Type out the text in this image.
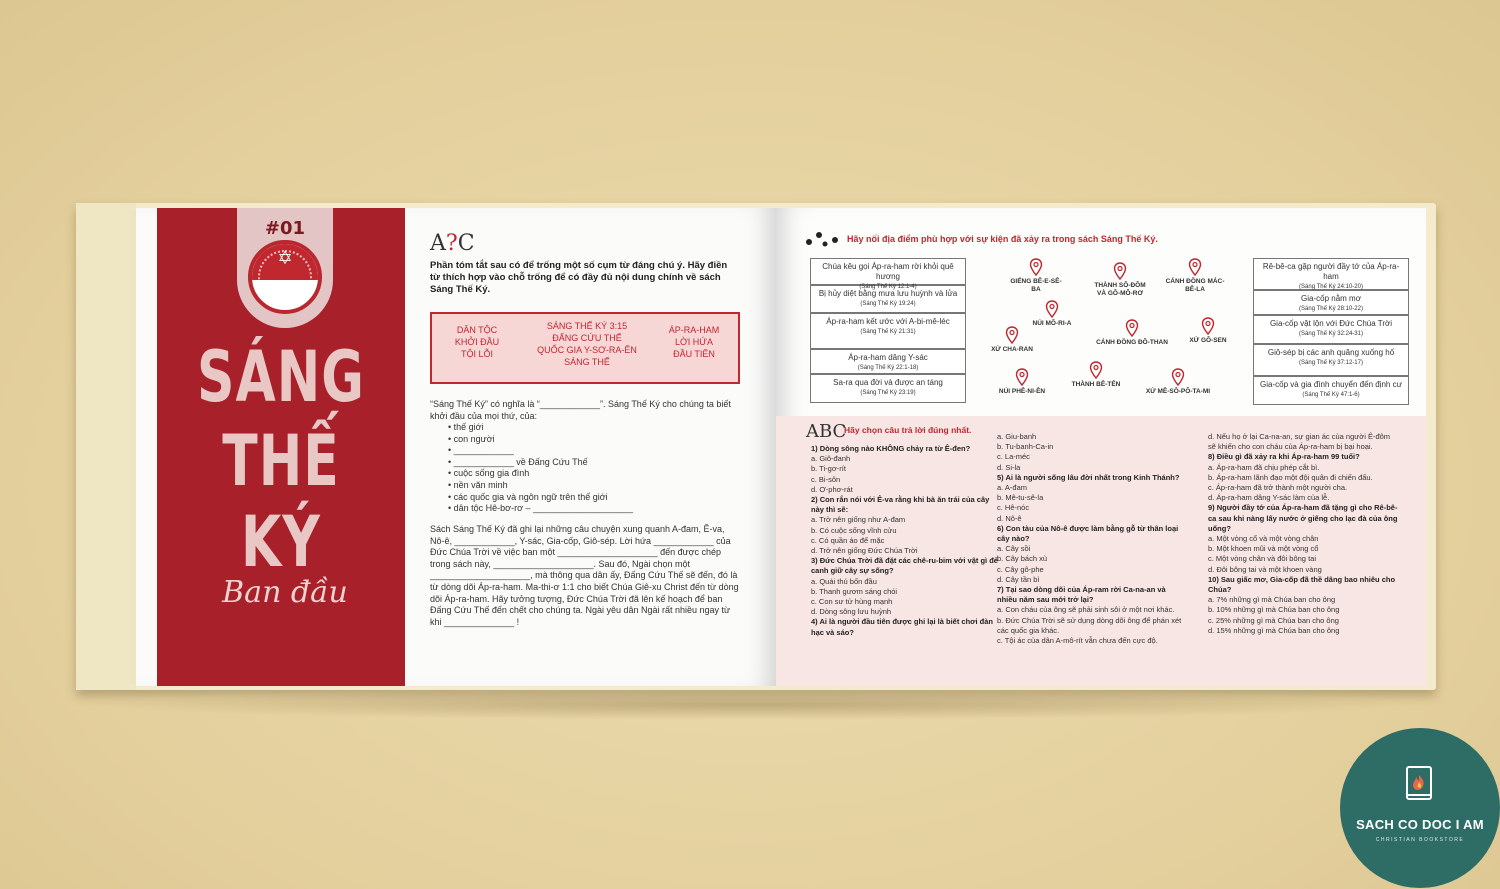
#01
✡
SÁNG
THẾ
KÝ
Ban đầu
A?C
Phần tóm tắt sau có để trống một số cụm từ đáng chú ý. Hãy điền từ thích hợp vào chỗ trống để có đầy đủ nội dung chính về sách Sáng Thế Ký.
DÂN TỘC
KHỞI ĐẦU
TỘI LỖI
SÁNG THẾ KÝ 3:15
ĐẤNG CỨU THẾ
QUỐC GIA Y-SƠ-RA-ÊN
SÁNG THẾ
ÁP-RA-HAM
LỜI HỨA
ĐẦU TIÊN
“Sáng Thế Ký” có nghĩa là “____________”. Sáng Thế Ký cho chúng ta biết khởi đầu của mọi thứ, của:
• thế giới
• con người
• ____________
• ____________ về Đấng Cứu Thế
• cuộc sống gia đình
• nền văn minh
• các quốc gia và ngôn ngữ trên thế giới
• dân tộc Hê-bơ-rơ – ____________________
Sách Sáng Thế Ký đã ghi lại những câu chuyện xung quanh A-đam, Ê-va, Nô-ê, ____________, Y-sác, Gia-cốp, Giô-sép. Lời hứa ____________ của Đức Chúa Trời về việc ban một ____________________ đến được chép trong sách này, ____________________. Sau đó, Ngài chọn một ____________________, mà thông qua dân ấy, Đấng Cứu Thế sẽ đến, đó là từ dòng dõi Áp-ra-ham. Ma-thi-ơ 1:1 cho biết Chúa Giê-xu Christ đến từ dòng dõi Áp-ra-ham. Hãy tưởng tượng, Đức Chúa Trời đã lên kế hoạch để ban Đấng Cứu Thế đến chết cho chúng ta. Ngài yêu dân Ngài rất nhiều ngay từ khi ______________ !
Hãy nối địa điểm phù hợp với sự kiện đã xảy ra trong sách Sáng Thế Ký.
Chúa kêu gọi Áp-ra-ham rời khỏi quê hương
(Sáng Thế Ký 12:1-4)
Bị hủy diệt bằng mưa lưu huỳnh và lửa
(Sáng Thế Ký 19:24)
Áp-ra-ham kết ước với A-bi-mê-léc
(Sáng Thế Ký 21:31)
Áp-ra-ham dâng Y-sác
(Sáng Thế Ký 22:1-18)
Sa-ra qua đời và được an táng
(Sáng Thế Ký 23:19)
Rê-bê-ca gặp người đầy tớ của Áp-ra-ham
(Sáng Thế Ký 24:10-20)
Gia-cốp nằm mơ
(Sáng Thế Ký 28:10-22)
Gia-cốp vật lộn với Đức Chúa Trời
(Sáng Thế Ký 32:24-31)
Giô-sép bị các anh quăng xuống hố
(Sáng Thế Ký 37:12-17)
Gia-cốp và gia đình chuyển đến định cư
(Sáng Thế Ký 47:1-6)
GIẾNG BÊ-E-SÊ-BA
THÀNH SÔ-ĐÔM VÀ GÔ-MÔ-RƠ
CÁNH ĐỒNG MÁC-BÊ-LA
NÚI MÔ-RI-A
XỨ CHA-RAN
CÁNH ĐỒNG ĐÔ-THAN	XỨ GÔ-SEN
NÚI PHÊ-NI-ÊN
THÀNH BÊ-TÊN
XỨ MÊ-SÔ-PÔ-TA-MI
ABC
Hãy chọn câu trả lời đúng nhất.
1) Dòng sông nào KHÔNG chảy ra từ Ê-đen?
a. Giô-đanh
b. Ti-gơ-rít
c. Bi-sôn
d. Ơ-phơ-rát
2) Con rắn nói với Ê-va rằng khi bà ăn trái của cây này thì sẽ:
a. Trở nên giống như A-đam
b. Có cuộc sống vĩnh cửu
c. Có quần áo để mặc
d. Trở nên giống Đức Chúa Trời
3) Đức Chúa Trời đã đặt các chê-ru-bim với vật gì để canh giữ cây sự sống?
a. Quái thú bốn đầu
b. Thanh gươm sáng chói
c. Con sư tử hùng mạnh
d. Dòng sông lưu huỳnh
4) Ai là người đầu tiên được ghi lại là biết chơi đàn hạc và sáo?
a. Giu-banh
b. Tu-banh-Ca-in
c. La-méc
d. Si-la
5) Ai là người sống lâu đời nhất trong Kinh Thánh?
a. A-đam
b. Mê-tu-sê-la
c. Hê-nóc
d. Nô-ê
6) Con tàu của Nô-ê được làm bằng gỗ từ thân loại cây nào?
a. Cây sồi
b. Cây bách xù
c. Cây gô-phe
d. Cây tần bì
7) Tại sao dòng dõi của Áp-ram rời Ca-na-an và nhiều năm sau mới trở lại?
a. Con cháu của ông sẽ phải sinh sôi ở một nơi khác.
b. Đức Chúa Trời sẽ sử dụng dòng dõi ông để phán xét các quốc gia khác.
c. Tội ác của dân A-mô-rít vẫn chưa đến cực độ.
d. Nếu họ ở lại Ca-na-an, sự gian ác của người Ê-đôm sẽ khiến cho con cháu của Áp-ra-ham bị bại hoại.
8) Điều gì đã xảy ra khi Áp-ra-ham 99 tuổi?
a. Áp-ra-ham đã chịu phép cắt bì.
b. Áp-ra-ham lãnh đạo một đội quân đi chiến đấu.
c. Áp-ra-ham đã trở thành một người cha.
d. Áp-ra-ham dâng Y-sác làm của lễ.
9) Người đầy tớ của Áp-ra-ham đã tặng gì cho Rê-bê-ca sau khi nàng lấy nước ở giếng cho lạc đà của ông uống?
a. Một vòng cổ và một vòng chân
b. Một khoen mũi và một vòng cổ
c. Một vòng chân và đôi bông tai
d. Đôi bông tai và một khoen vàng
10) Sau giấc mơ, Gia-cốp đã thề dâng bao nhiêu cho Chúa?
a. 7% những gì mà Chúa ban cho ông
b. 10% những gì mà Chúa ban cho ông
c. 25% những gì mà Chúa ban cho ông
d. 15% những gì mà Chúa ban cho ông
SACH CO DOC I AM
CHRISTIAN BOOKSTORE
